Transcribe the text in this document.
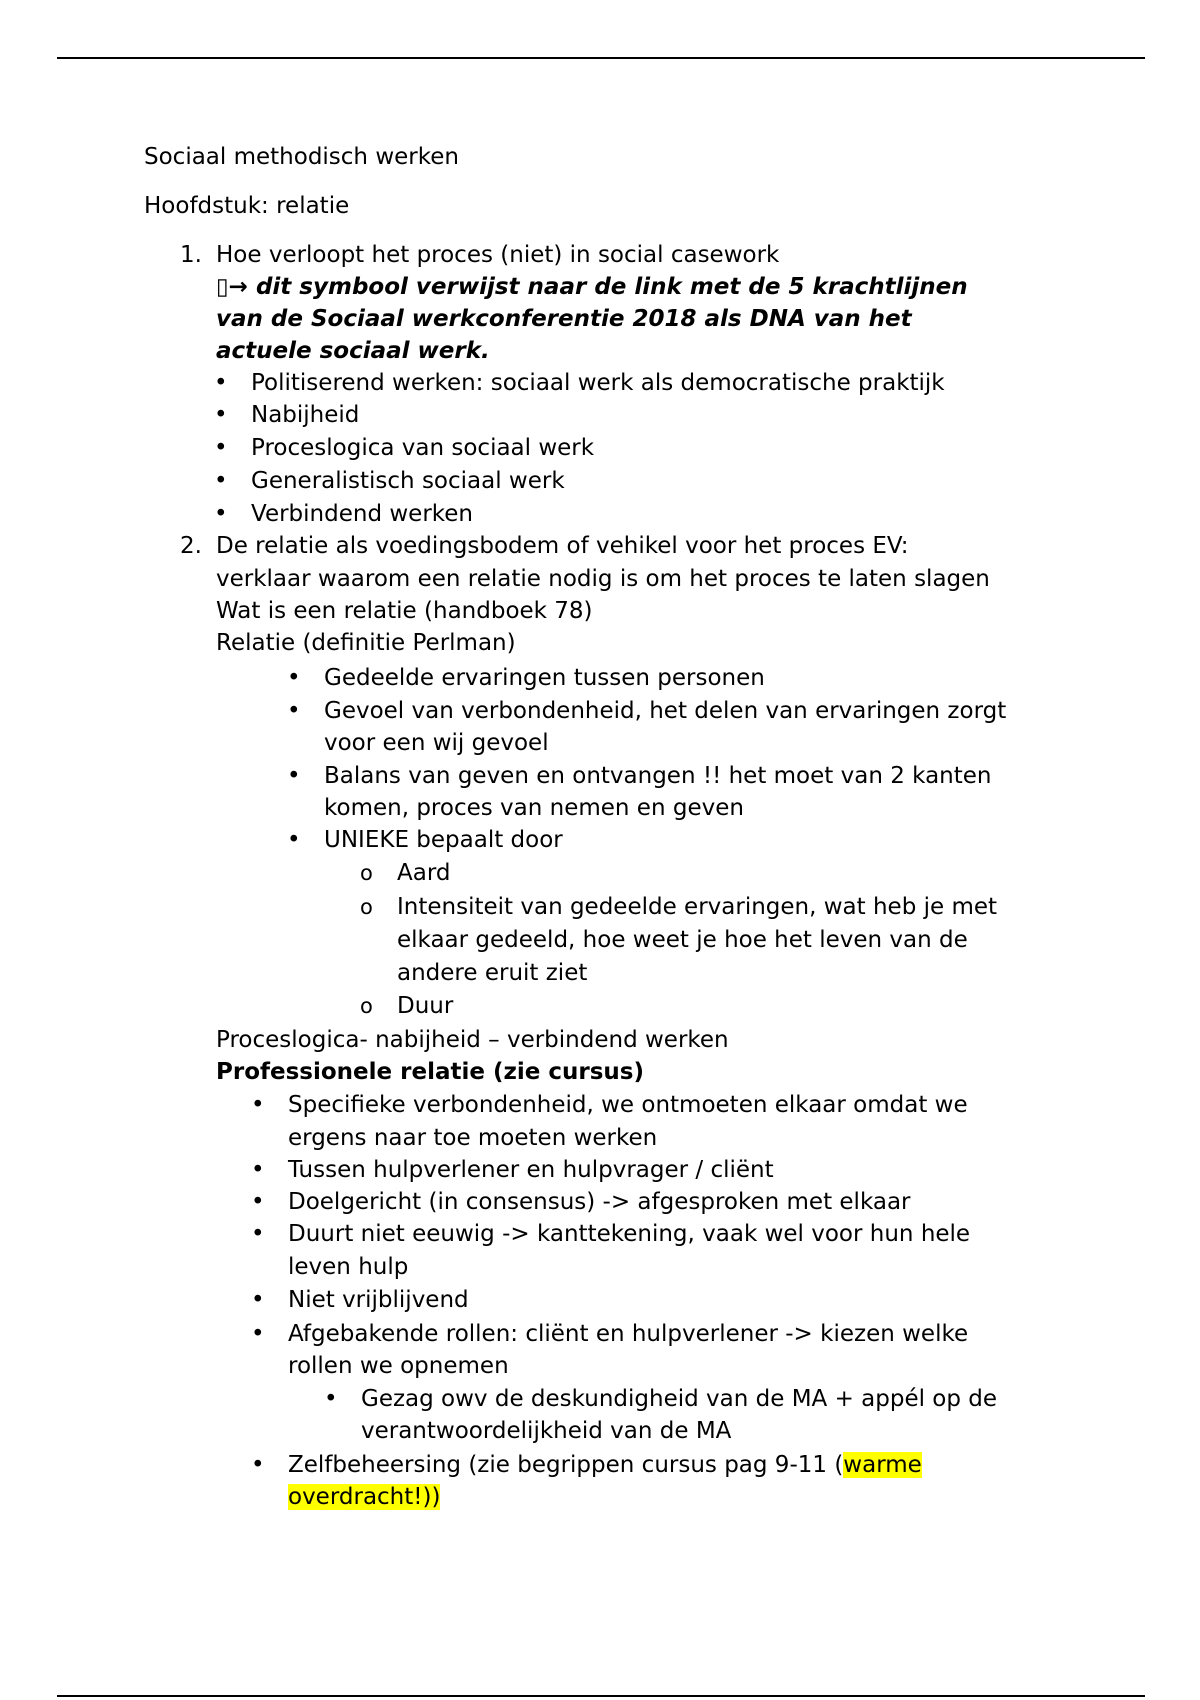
Sociaal methodisch werken
Hoofdstuk: relatie
1. Hoe verloopt het proces (niet) in social casework
▯→ dit symbool verwijst naar de link met de 5 krachtlijnen
van de Sociaal werkconferentie 2018 als DNA van het
actuele sociaal werk.
• Politiserend werken: sociaal werk als democratische praktijk
• Nabijheid
• Proceslogica van sociaal werk
• Generalistisch sociaal werk
• Verbindend werken
2. De relatie als voedingsbodem of vehikel voor het proces EV:
verklaar waarom een relatie nodig is om het proces te laten slagen
Wat is een relatie (handboek 78)
Relatie (definitie Perlman)
• Gedeelde ervaringen tussen personen
• Gevoel van verbondenheid, het delen van ervaringen zorgt
voor een wij gevoel
• Balans van geven en ontvangen !! het moet van 2 kanten
komen, proces van nemen en geven
• UNIEKE bepaalt door
o Aard
o Intensiteit van gedeelde ervaringen, wat heb je met
elkaar gedeeld, hoe weet je hoe het leven van de
andere eruit ziet
o Duur
Proceslogica- nabijheid – verbindend werken
Professionele relatie (zie cursus)
• Specifieke verbondenheid, we ontmoeten elkaar omdat we
ergens naar toe moeten werken
• Tussen hulpverlener en hulpvrager / cliënt
• Doelgericht (in consensus) -> afgesproken met elkaar
• Duurt niet eeuwig -> kanttekening, vaak wel voor hun hele
leven hulp
• Niet vrijblijvend
• Afgebakende rollen: cliënt en hulpverlener -> kiezen welke
rollen we opnemen
• Gezag owv de deskundigheid van de MA + appél op de
verantwoordelijkheid van de MA
• Zelfbeheersing (zie begrippen cursus pag 9-11 (warme
overdracht!))
